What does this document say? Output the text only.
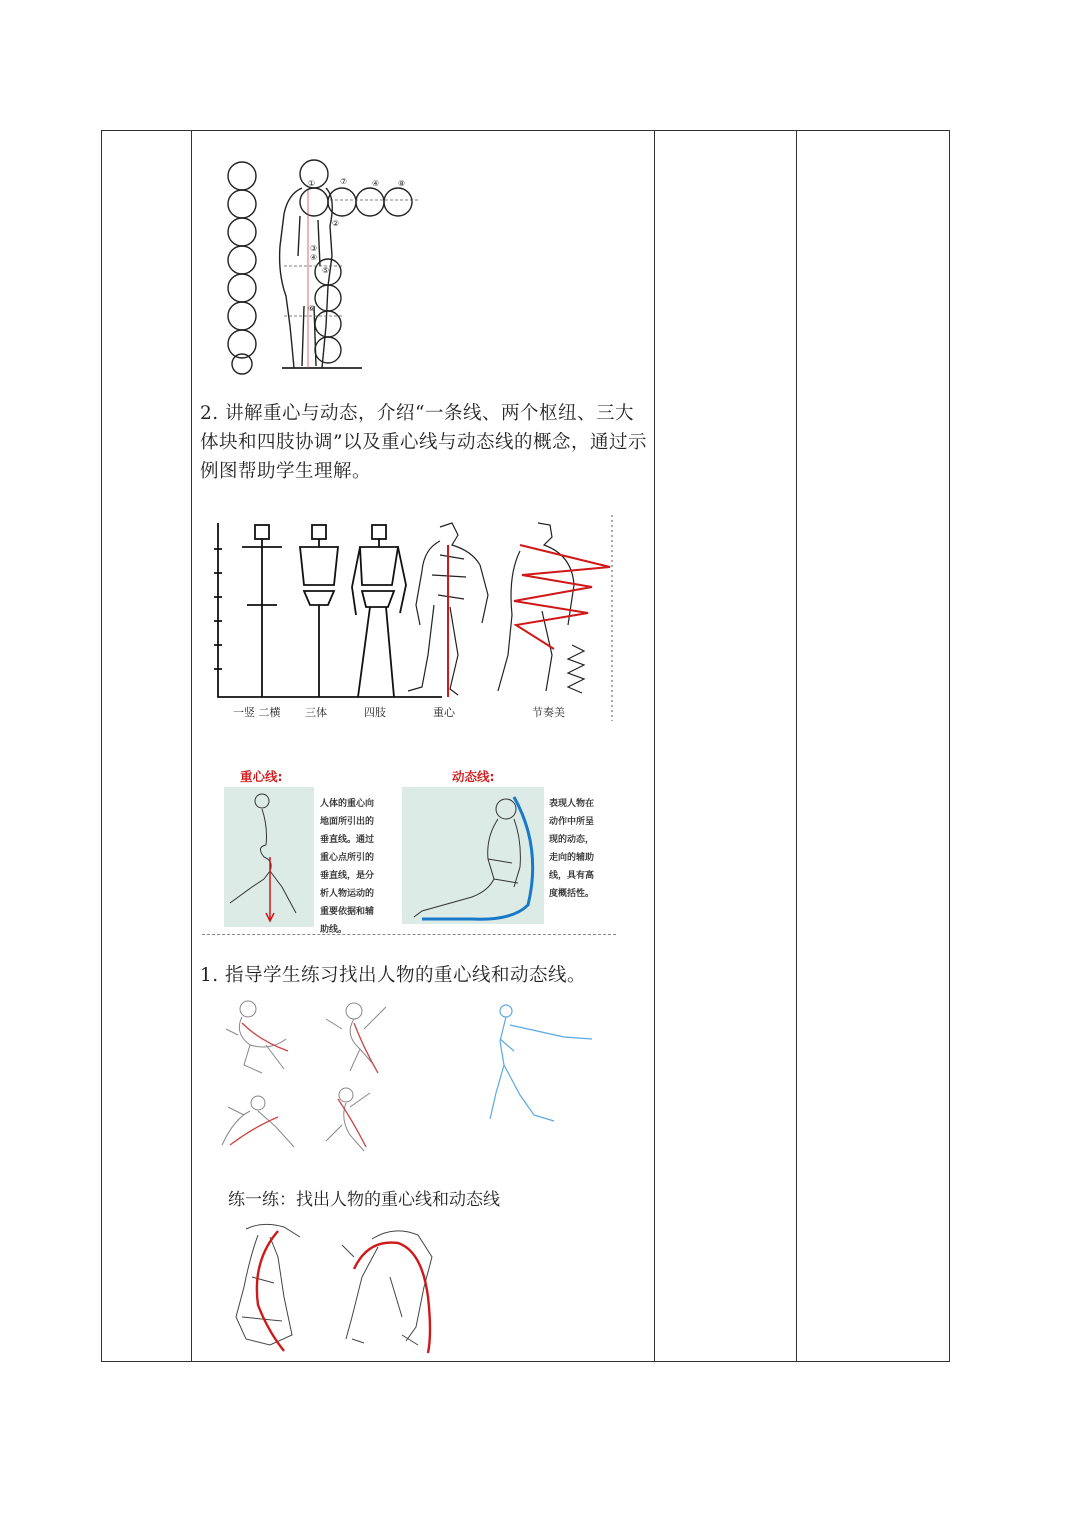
①	⑦	④ ⑧
②
③
④
⑤
⑥
2. 讲解重心与动态，介绍“一条线、两个枢纽、三大体块和四肢协调”以及重心线与动态线的概念，通过示例图帮助学生理解。
一竖 二横 三体	四肢	重心	节奏美
重心线:
人体的重心向
地面所引出的
垂直线。通过
重心点所引的
垂直线，是分
析人物运动的
重要依据和辅
助线。
动态线:
表现人物在
动作中所呈
现的动态，
走向的辅助
线，具有高
度概括性。
1. 指导学生练习找出人物的重心线和动态线。
练一练：找出人物的重心线和动态线
